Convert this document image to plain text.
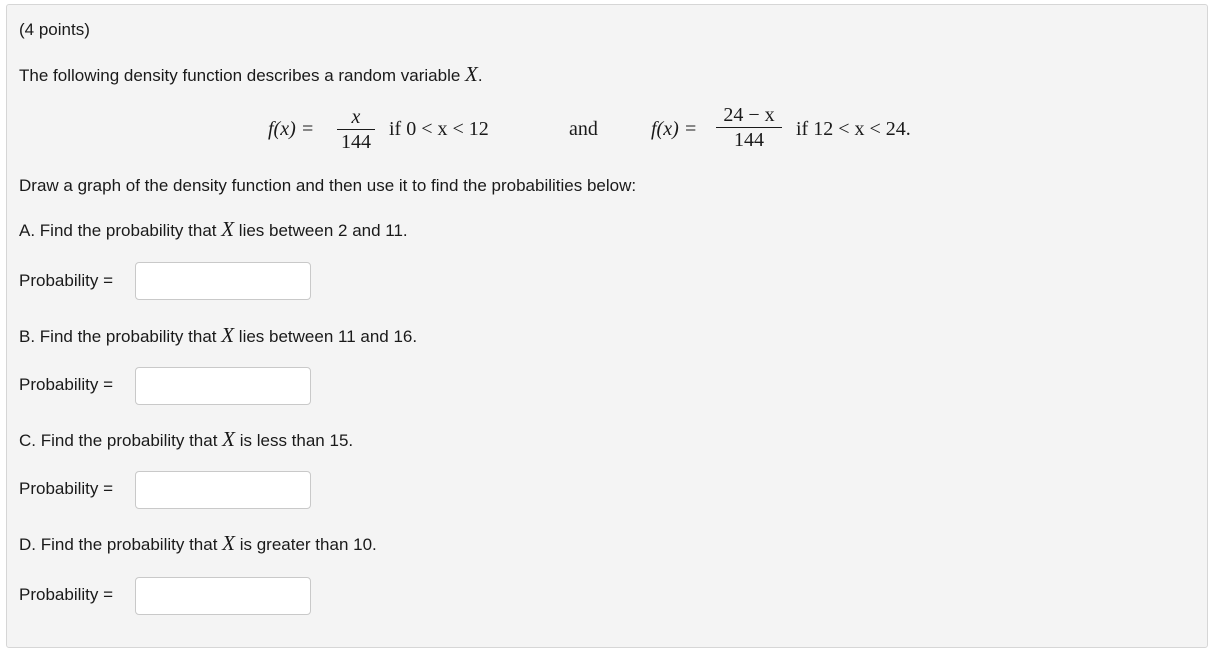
(4 points)
The following density function describes a random variable X.
f(x) =
x
144
if 0 < x < 12	and	f(x) =
24 − x
144	if 12 < x < 24.
Draw a graph of the density function and then use it to find the probabilities below:
A. Find the probability that X lies between 2 and 11.
Probability =
B. Find the probability that X lies between 11 and 16.
Probability =
C. Find the probability that X is less than 15.
Probability =
D. Find the probability that X is greater than 10.
Probability =
